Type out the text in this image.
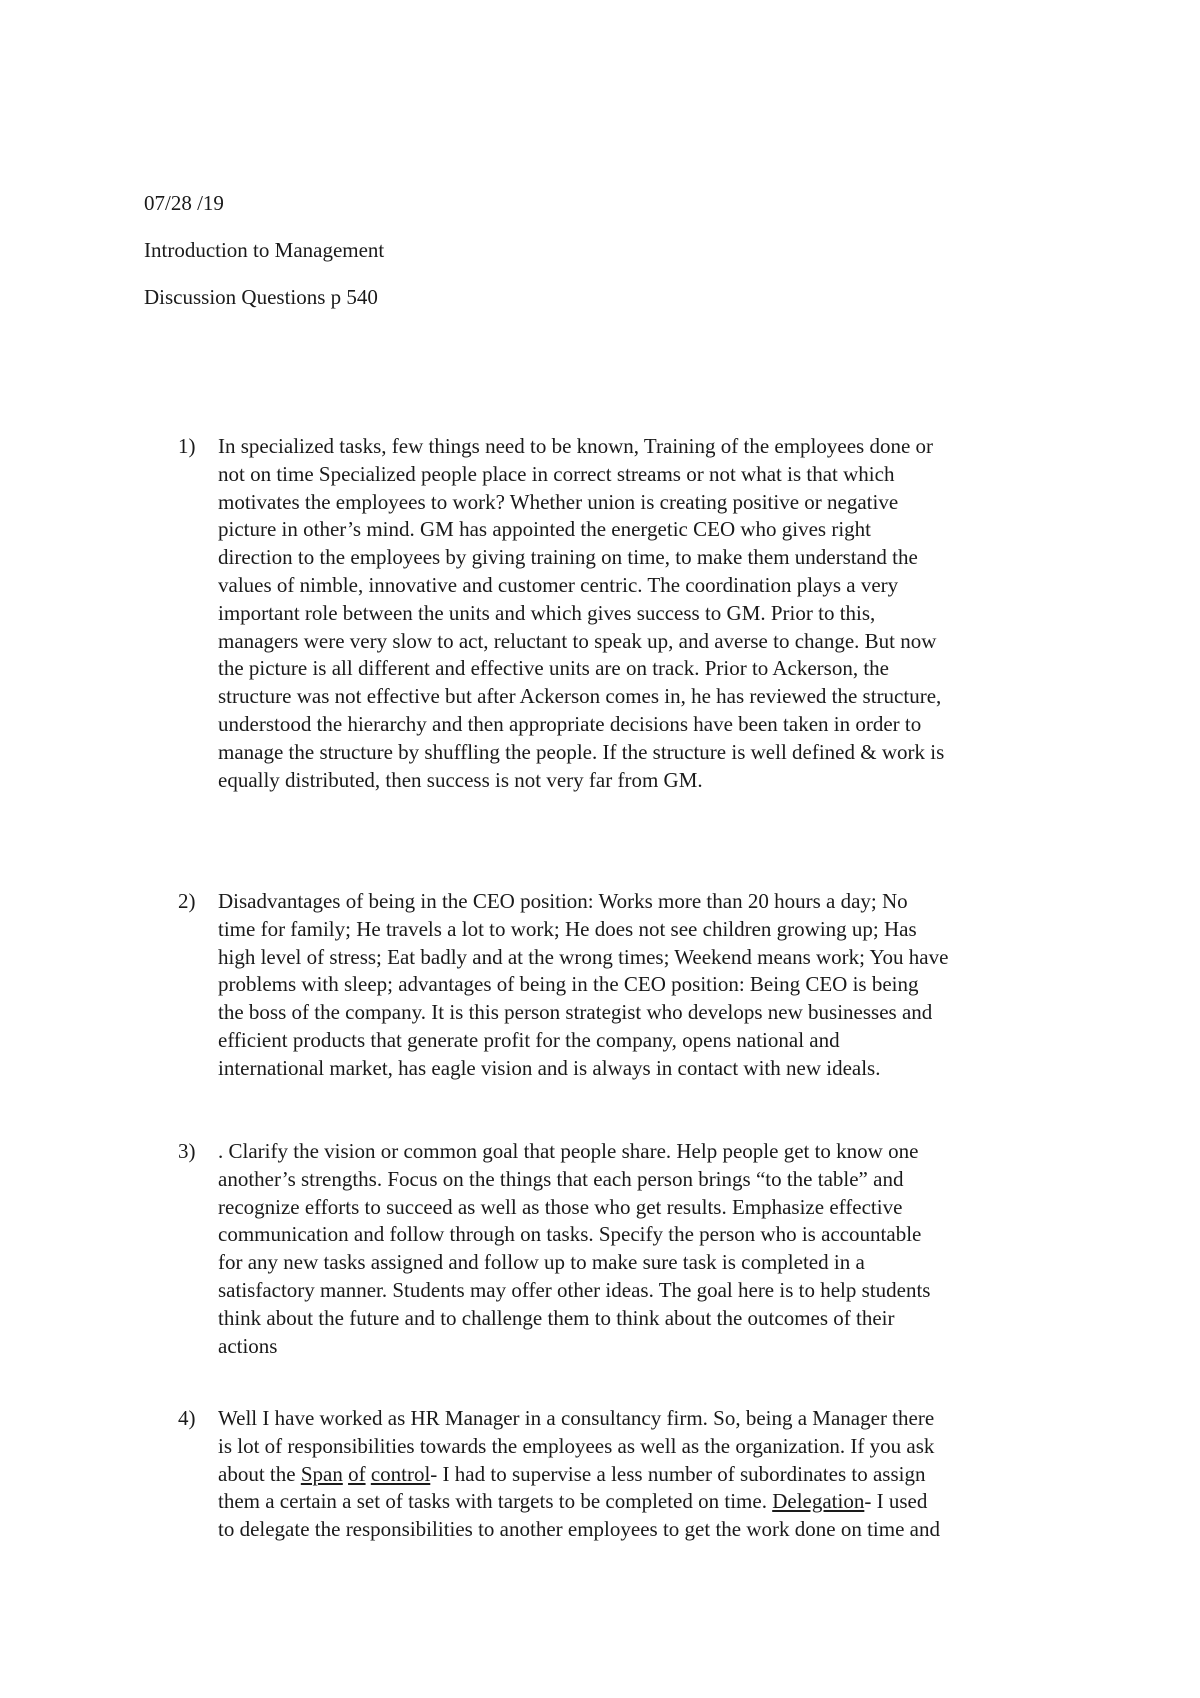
07/28 /19
Introduction to Management
Discussion Questions p 540
1) In specialized tasks, few things need to be known, Training of the employees done or
not on time Specialized people place in correct streams or not what is that which
motivates the employees to work? Whether union is creating positive or negative
picture in other’s mind. GM has appointed the energetic CEO who gives right
direction to the employees by giving training on time, to make them understand the
values of nimble, innovative and customer centric. The coordination plays a very
important role between the units and which gives success to GM. Prior to this,
managers were very slow to act, reluctant to speak up, and averse to change. But now
the picture is all different and effective units are on track. Prior to Ackerson, the
structure was not effective but after Ackerson comes in, he has reviewed the structure,
understood the hierarchy and then appropriate decisions have been taken in order to
manage the structure by shuffling the people. If the structure is well defined & work is
equally distributed, then success is not very far from GM.
2) Disadvantages of being in the CEO position: Works more than 20 hours a day; No
time for family; He travels a lot to work; He does not see children growing up; Has
high level of stress; Eat badly and at the wrong times; Weekend means work; You have
problems with sleep; advantages of being in the CEO position: Being CEO is being
the boss of the company. It is this person strategist who develops new businesses and
efficient products that generate profit for the company, opens national and
international market, has eagle vision and is always in contact with new ideals.
3) . Clarify the vision or common goal that people share. Help people get to know one
another’s strengths. Focus on the things that each person brings “to the table” and
recognize efforts to succeed as well as those who get results. Emphasize effective
communication and follow through on tasks. Specify the person who is accountable
for any new tasks assigned and follow up to make sure task is completed in a
satisfactory manner. Students may offer other ideas. The goal here is to help students
think about the future and to challenge them to think about the outcomes of their
actions
4) Well I have worked as HR Manager in a consultancy firm. So, being a Manager there
is lot of responsibilities towards the employees as well as the organization. If you ask
about the Span of control- I had to supervise a less number of subordinates to assign
them a certain a set of tasks with targets to be completed on time. Delegation- I used
to delegate the responsibilities to another employees to get the work done on time and
